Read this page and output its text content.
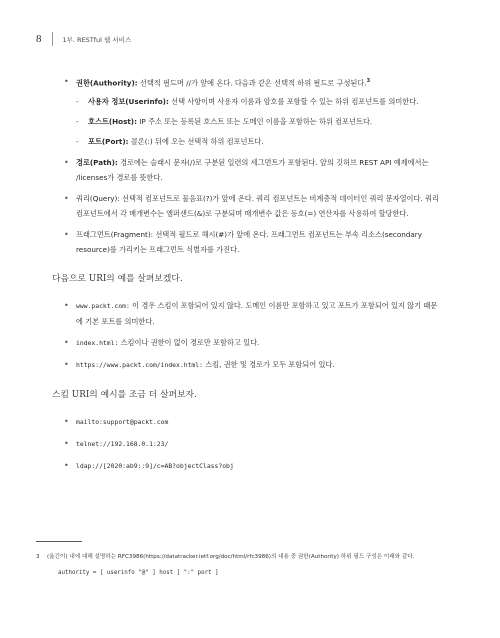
8	1부. RESTful 웹 서비스
• 권한(Authority): 선택적 필드며 //가 앞에 온다. 다음과 같은 선택적 하위 필드로 구성된다.$^3$
- 사용자 정보(Userinfo): 선택 사항이며 사용자 이름과 암호를 포함할 수 있는 하위 컴포넌트를 의미한다.
- 호스트(Host): IP 주소 또는 등록된 호스트 또는 도메인 이름을 포함하는 하위 컴포넌트다.
- 포트(Port): 콜론(:) 뒤에 오는 선택적 하위 컴포넌트다.
• 경로(Path): 경로에는 슬래시 문자(/)로 구분된 일련의 세그먼트가 포함된다. 앞의 깃허브 REST API 예제에서는 /licenses가 경로를 뜻한다.
• 쿼리(Query): 선택적 컴포넌트로 물음표(?)가 앞에 온다. 쿼리 컴포넌트는 비계층적 데이터인 쿼리 문자열이다. 쿼리 컴포넌트에서 각 매개변수는 앰퍼샌드(&)로 구분되며 매개변수 값은 등호(=) 연산자를 사용하여 할당한다.
• 프래그먼트(Fragment): 선택적 필드로 해시(#)가 앞에 온다. 프래그먼트 컴포넌트는 부속 리소스(secondary resource)를 가리키는 프래그먼트 식별자를 가진다.
다음으로 URI의 예를 살펴보겠다.
• www.packt.com: 이 경우 스킴이 포함되어 있지 않다. 도메인 이름만 포함하고 있고 포트가 포함되어 있지 않기 때문에 기본 포트를 의미한다.
• index.html: 스킴이나 권한이 없이 경로만 포함하고 있다.
• https://www.packt.com/index.html: 스킴, 권한 및 경로가 모두 포함되어 있다.
스킴 URI의 예시를 조금 더 살펴보자.
• mailto:support@packt.com
• telnet://192.168.0.1:23/
• ldap://[2020:ab9::9]/c=AB?objectClass?obj
3 (옮긴이) 내에 대해 설명하는 RFC3986(https://datatracker.ietf.org/doc/html/rfc3986)의 내용 중 권한(Authority) 하위 필드 구성은 이래와 같다.
authority = [ userinfo "@" ] host [ ":" port ]
